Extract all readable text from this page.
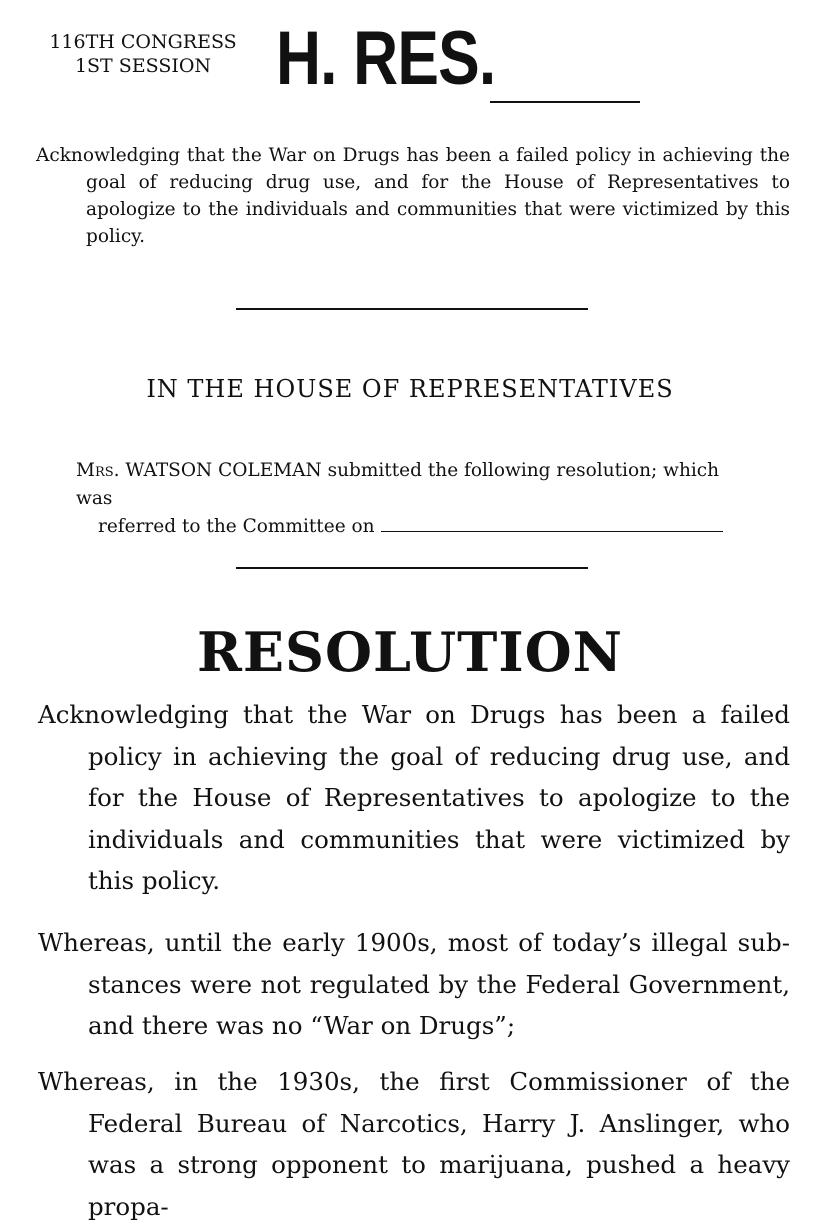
116TH CONGRESS
1ST SESSION H. RES.
Acknowledging that the War on Drugs has been a failed policy in achieving the goal of reducing drug use, and for the House of Representatives to apologize to the individuals and communities that were victimized by this policy.
IN THE HOUSE OF REPRESENTATIVES
Mrs. WATSON COLEMAN submitted the following resolution; which was
referred to the Committee on
RESOLUTION
Acknowledging that the War on Drugs has been a failed policy in achieving the goal of reducing drug use, and for the House of Representatives to apologize to the individuals and communities that were victimized by this policy.
Whereas, until the early 1900s, most of today’s illegal sub-stances were not regulated by the Federal Government, and there was no “War on Drugs”;
Whereas, in the 1930s, the first Commissioner of the Federal Bureau of Narcotics, Harry J. Anslinger, who was a strong opponent to marijuana, pushed a heavy propa-
